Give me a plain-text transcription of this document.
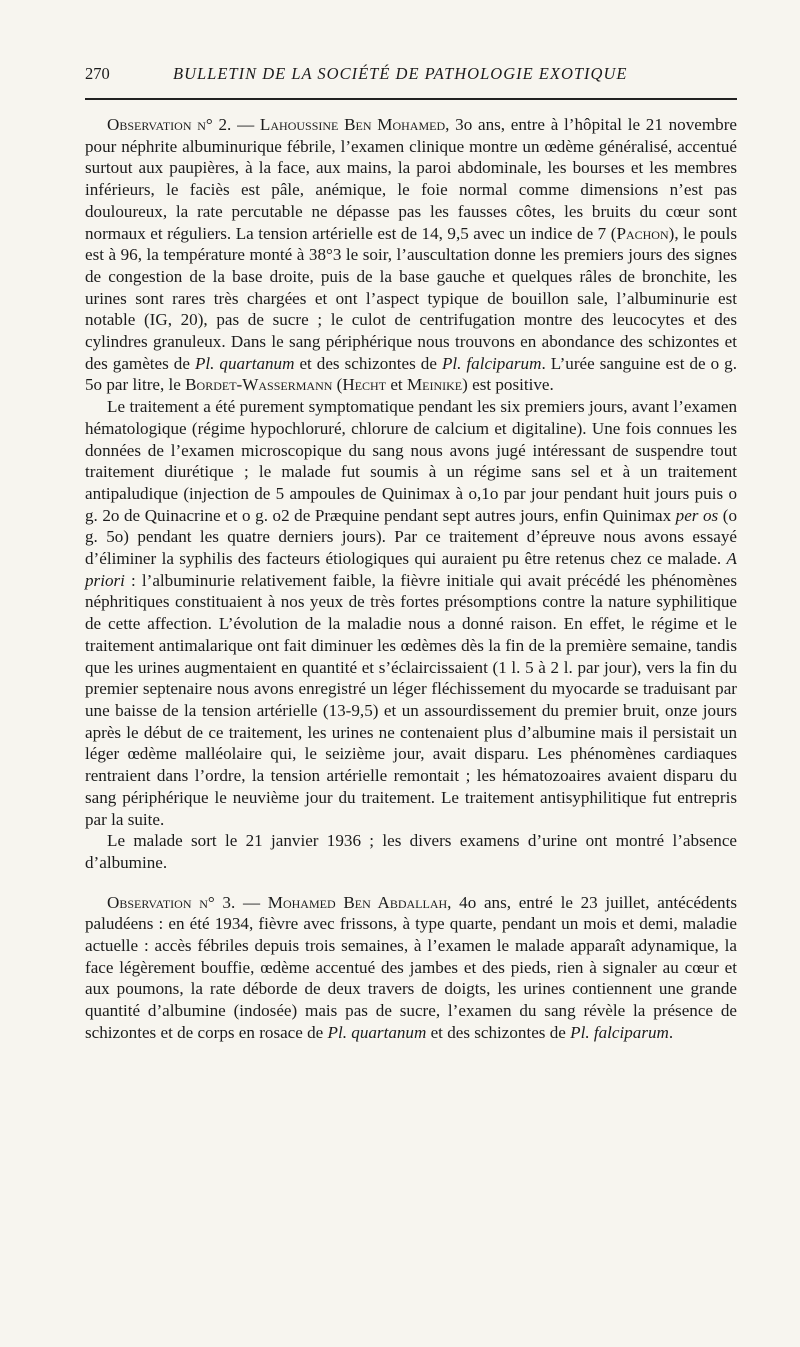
270	BULLETIN DE LA SOCIÉTÉ DE PATHOLOGIE EXOTIQUE

Observation n° 2. — Lahoussine Ben Mohamed, 3o ans, entre à l’hôpital le 21 novembre pour néphrite albuminurique fébrile, l’examen clinique montre un œdème généralisé, accentué surtout aux paupières, à la face, aux mains, la paroi abdominale, les bourses et les membres inférieurs, le faciès est pâle, anémique, le foie normal comme dimensions n’est pas douloureux, la rate percutable ne dépasse pas les fausses côtes, les bruits du cœur sont normaux et réguliers. La tension artérielle est de 14, 9,5 avec un indice de 7 (Pachon), le pouls est à 96, la température monté à 38°3 le soir, l’auscultation donne les premiers jours des signes de congestion de la base droite, puis de la base gauche et quelques râles de bronchite, les urines sont rares très chargées et ont l’aspect typique de bouillon sale, l’albuminurie est notable (IG, 20), pas de sucre ; le culot de centrifugation montre des leucocytes et des cylindres granuleux. Dans le sang périphérique nous trouvons en abondance des schizontes et des gamètes de Pl. quartanum et des schizontes de Pl. falciparum. L’urée sanguine est de o g. 5o par litre, le Bordet-Wassermann (Hecht et Meinike) est positive.

Le traitement a été purement symptomatique pendant les six premiers jours, avant l’examen hématologique (régime hypochloruré, chlorure de calcium et digitaline). Une fois connues les données de l’examen microscopique du sang nous avons jugé intéressant de suspendre tout traitement diurétique ; le malade fut soumis à un régime sans sel et à un traitement antipaludique (injection de 5 ampoules de Quinimax à o,1o par jour pendant huit jours puis o g. 2o de Quinacrine et o g. o2 de Præquine pendant sept autres jours, enfin Quinimax per os (o g. 5o) pendant les quatre derniers jours). Par ce traitement d’épreuve nous avons essayé d’éliminer la syphilis des facteurs étiologiques qui auraient pu être retenus chez ce malade. A priori : l’albuminurie relativement faible, la fièvre initiale qui avait précédé les phénomènes néphritiques constituaient à nos yeux de très fortes présomptions contre la nature syphilitique de cette affection. L’évolution de la maladie nous a donné raison. En effet, le régime et le traitement antimalarique ont fait diminuer les œdèmes dès la fin de la première semaine, tandis que les urines augmentaient en quantité et s’éclaircissaient (1 l. 5 à 2 l. par jour), vers la fin du premier septenaire nous avons enregistré un léger fléchissement du myocarde se traduisant par une baisse de la tension artérielle (13-9,5) et un assourdissement du premier bruit, onze jours après le début de ce traitement, les urines ne contenaient plus d’albumine mais il persistait un léger œdème malléolaire qui, le seizième jour, avait disparu. Les phénomènes cardiaques rentraient dans l’ordre, la tension artérielle remontait ; les hématozoaires avaient disparu du sang périphérique le neuvième jour du traitement. Le traitement antisyphilitique fut entrepris par la suite.

Le malade sort le 21 janvier 1936 ; les divers examens d’urine ont montré l’absence d’albumine.

Observation n° 3. — Mohamed Ben Abdallah, 4o ans, entré le 23 juillet, antécédents paludéens : en été 1934, fièvre avec frissons, à type quarte, pendant un mois et demi, maladie actuelle : accès fébriles depuis trois semaines, à l’examen le malade apparaît adynamique, la face légèrement bouffie, œdème accentué des jambes et des pieds, rien à signaler au cœur et aux poumons, la rate déborde de deux travers de doigts, les urines contiennent une grande quantité d’albumine (indosée) mais pas de sucre, l’examen du sang révèle la présence de schizontes et de corps en rosace de Pl. quartanum et des schizontes de Pl. falciparum.
